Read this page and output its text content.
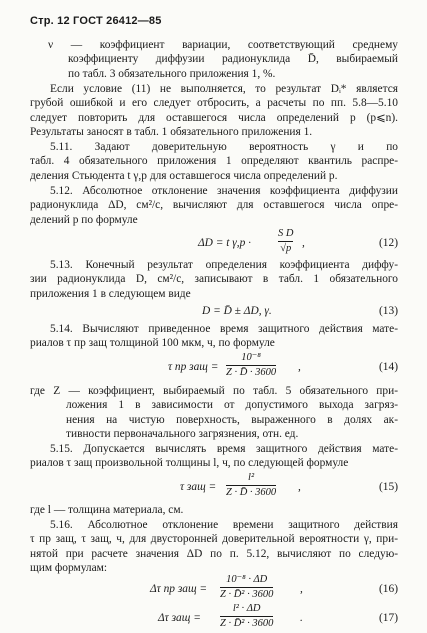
Стр. 12 ГОСТ 26412—85
ν — коэффициент вариации, соответствующий среднему
коэффициенту диффузии радионуклида D̄, выбираемый
по табл. 3 обязательного приложения 1, %.
Если условие (11) не выполняется, то результат Dᵢ* является
грубой ошибкой и его следует отбросить, а расчеты по пп. 5.8—5.10
следует повторить для оставшегося числа определений p (p⩽n).
Результаты заносят в табл. 1 обязательного приложения 1.
5.11. Задают доверительную вероятность γ и по
табл. 4 обязательного приложения 1 определяют квантиль распре-
деления Стьюдента t γ,p для оставшегося числа определений p.
5.12. Абсолютное отклонение значения коэффициента диффузии
радионуклида ΔD, см²/с, вычисляют для оставшегося числа опре-
делений p по формуле
ΔD = t γ,p ·
S D
√p ,	(12)
5.13. Конечный результат определения коэффициента диффу-
зии радионуклида D, см²/с, записывают в табл. 1 обязательного
приложения 1 в следующем виде
D = D̄ ± ΔD, γ.	(13)
5.14. Вычисляют приведенное время защитного действия мате-
риалов τ пр защ толщиной 100 мкм, ч, по формуле
τ пр защ =
10⁻⁸
Z · D̄ · 3600 ,	(14)
где Z — коэффициент, выбираемый по табл. 5 обязательного при-
ложения 1 в зависимости от допустимого выхода загряз-
нения на чистую поверхность, выраженного в долях ак-
тивности первоначального загрязнения, отн. ед.
5.15. Допускается вычислять время защитного действия мате-
риалов τ защ произвольной толщины l, ч, по следующей формуле
τ защ =
l²
Z · D̄ · 3600 ,	(15)
где l — толщина материала, см.
5.16. Абсолютное отклонение времени защитного действия
τ пр защ, τ защ, ч, для двусторонней доверительной вероятности γ, при-
нятой при расчете значения ΔD по п. 5.12, вычисляют по следую-
щим формулам:
Δτ пр защ =
10⁻⁸ · ΔD
Z · D̄² · 3600 ,	(16)
Δτ защ =
l² · ΔD
Z · D̄² · 3600 .	(17)
